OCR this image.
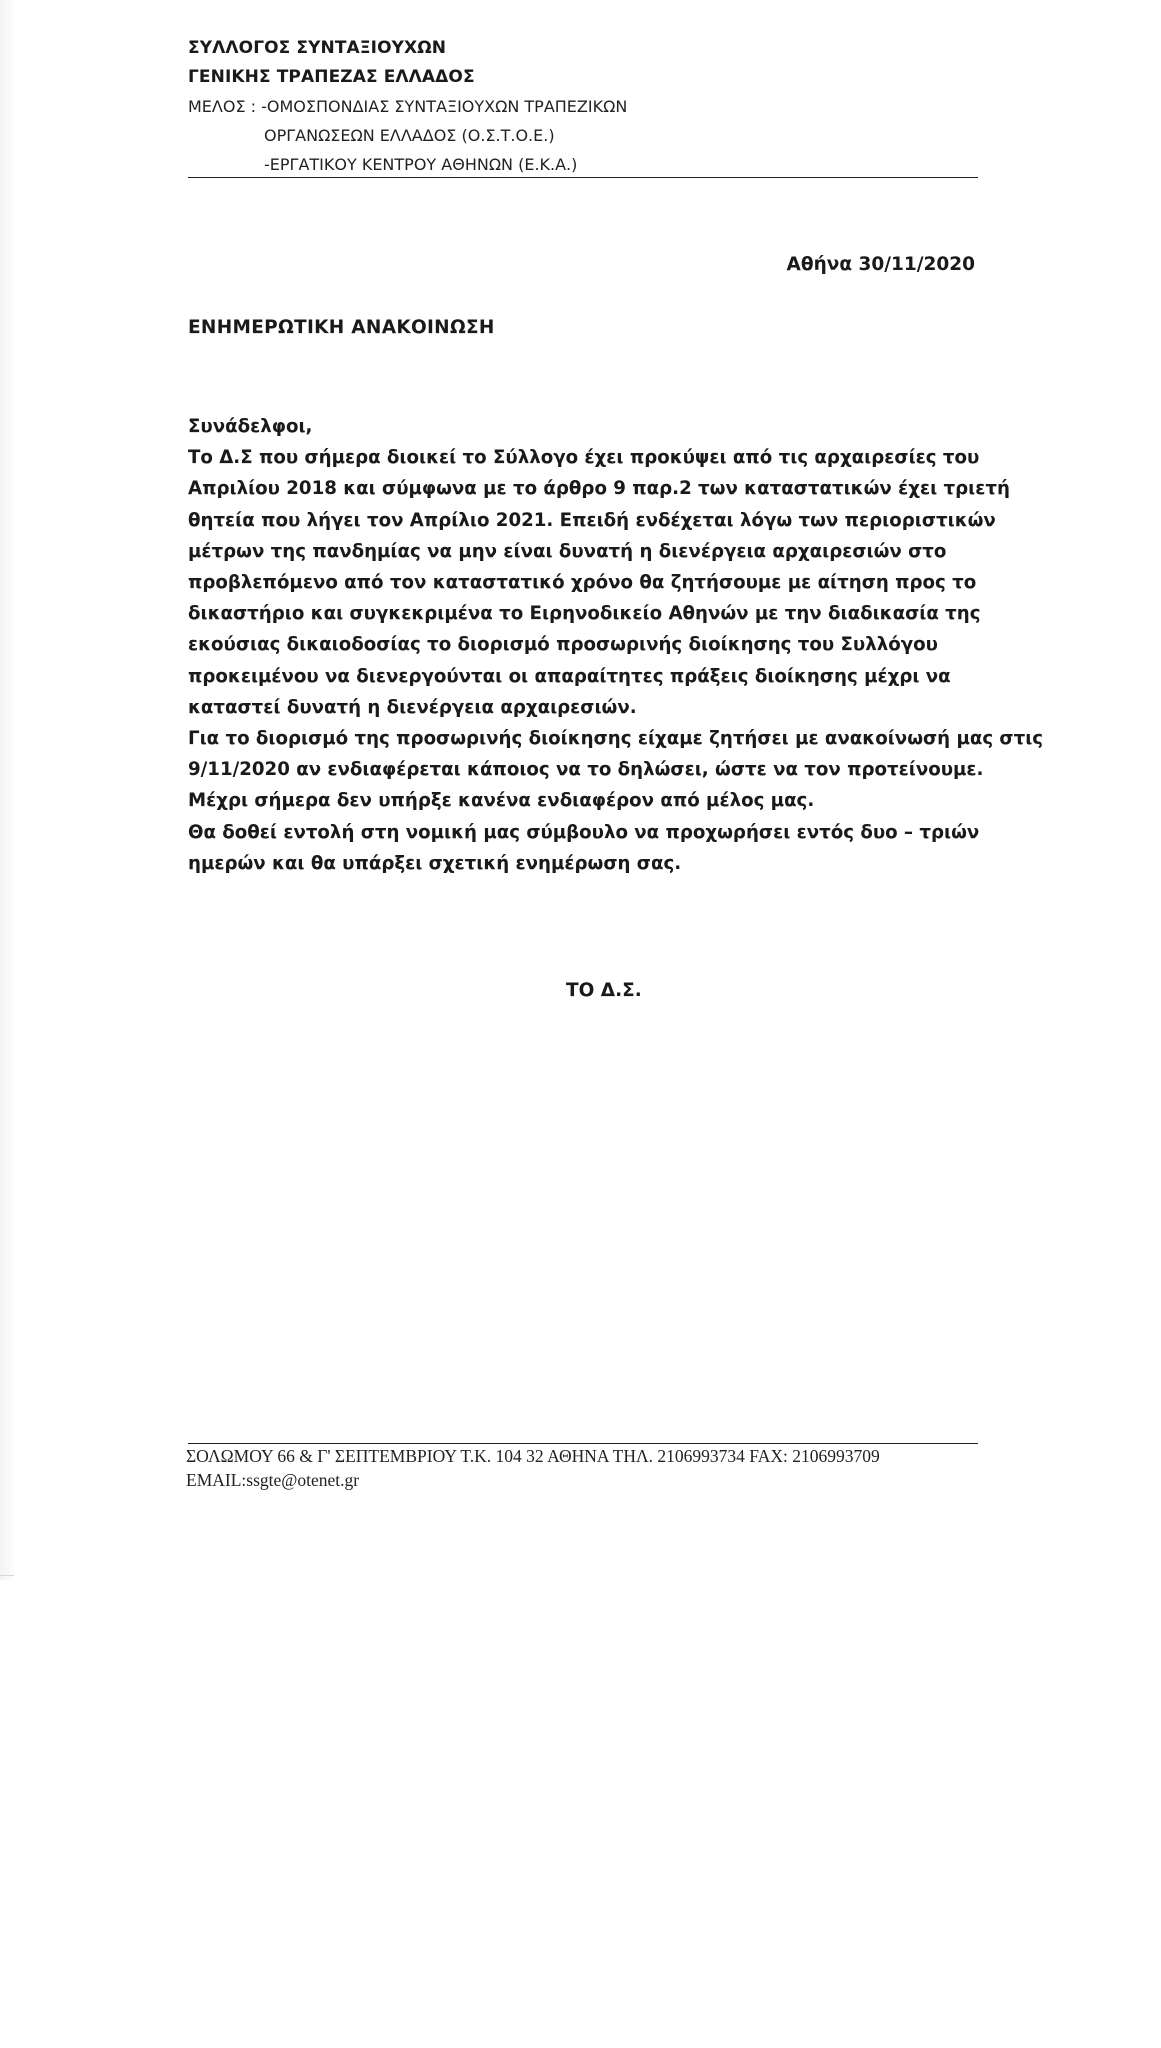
ΣΥΛΛΟΓΟΣ ΣΥΝΤΑΞΙΟΥΧΩΝ
ΓΕΝΙΚΗΣ ΤΡΑΠΕΖΑΣ ΕΛΛΑΔΟΣ
ΜΕΛΟΣ : -ΟΜΟΣΠΟΝΔΙΑΣ ΣΥΝΤΑΞΙΟΥΧΩΝ ΤΡΑΠΕΖΙΚΩΝ
ΟΡΓΑΝΩΣΕΩΝ ΕΛΛΑΔΟΣ (Ο.Σ.Τ.Ο.Ε.)
-ΕΡΓΑΤΙΚΟΥ ΚΕΝΤΡΟΥ ΑΘΗΝΩΝ (Ε.Κ.Α.)
Αθήνα 30/11/2020
ΕΝΗΜΕΡΩΤΙΚΗ ΑΝΑΚΟΙΝΩΣΗ

Συνάδελφοι,

Το Δ.Σ που σήμερα διοικεί το Σύλλογο έχει προκύψει από τις αρχαιρεσίες του

Απριλίου 2018 και σύμφωνα με το άρθρο 9 παρ.2 των καταστατικών έχει τριετή

θητεία που λήγει τον Απρίλιο 2021. Επειδή ενδέχεται λόγω των περιοριστικών

μέτρων της πανδημίας να μην είναι δυνατή η διενέργεια αρχαιρεσιών στο

προβλεπόμενο από τον καταστατικό χρόνο θα ζητήσουμε με αίτηση προς το

δικαστήριο και συγκεκριμένα το Ειρηνοδικείο Αθηνών με την διαδικασία της

εκούσιας δικαιοδοσίας το διορισμό προσωρινής διοίκησης του Συλλόγου

προκειμένου να διενεργούνται οι απαραίτητες πράξεις διοίκησης μέχρι να

καταστεί δυνατή η διενέργεια αρχαιρεσιών.

Για το διορισμό της προσωρινής διοίκησης είχαμε ζητήσει με ανακοίνωσή μας στις

9/11/2020 αν ενδιαφέρεται κάποιος να το δηλώσει, ώστε να τον προτείνουμε.

Μέχρι σήμερα δεν υπήρξε κανένα ενδιαφέρον από μέλος μας.

Θα δοθεί εντολή στη νομική μας σύμβουλο να προχωρήσει εντός δυο – τριών

ημερών και θα υπάρξει σχετική ενημέρωση σας.

ΤΟ Δ.Σ.
ΣΟΛΩΜΟΥ 66 & Γ' ΣΕΠΤΕΜΒΡΙΟΥ Τ.Κ. 104 32 ΑΘΗΝΑ ΤΗΛ. 2106993734 FAX: 2106993709
EMAIL:ssgte@otenet.gr
